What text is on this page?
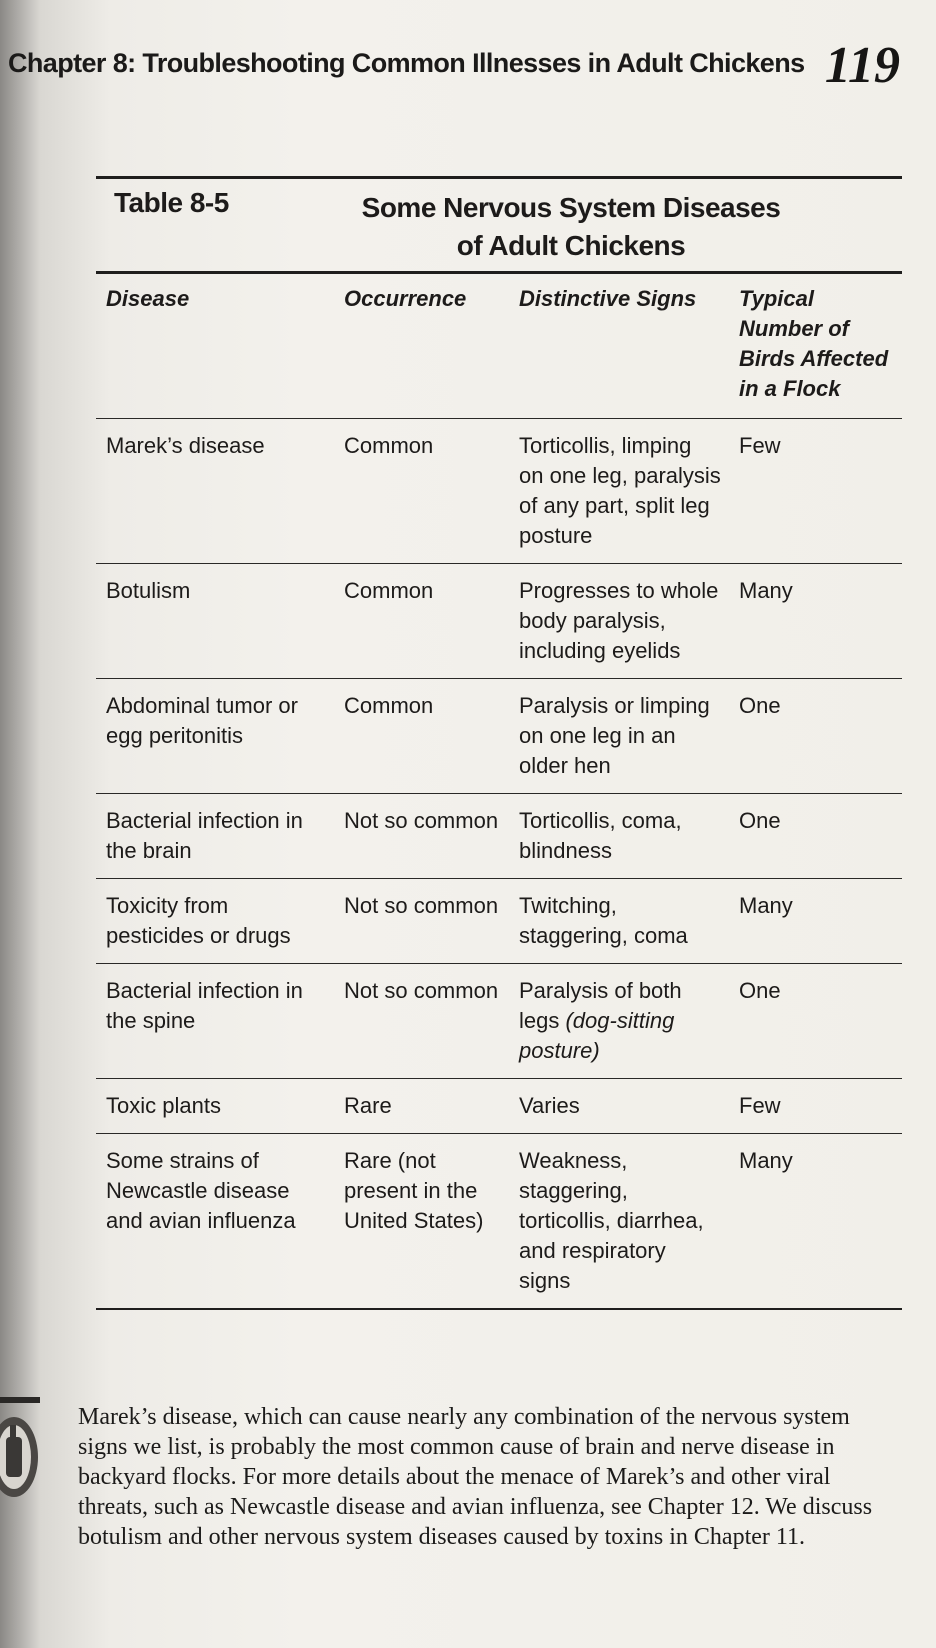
Chapter 8: Troubleshooting Common Illnesses in Adult Chickens 119
Table 8-5	Some Nervous System Diseases of Adult Chickens
Disease	Occurrence	Distinctive Signs	Typical Number of Birds Affected in a Flock
Marek’s disease	Common	Torticollis, limping on one leg, paralysis of any part, split leg posture	Few
Botulism	Common	Progresses to whole body paralysis, including eyelids	Many
Abdominal tumor or egg peritonitis	Common	Paralysis or limping on one leg in an older hen	One
Bacterial infection in the brain	Not so common	Torticollis, coma, blindness	One
Toxicity from pesticides or drugs	Not so common	Twitching, staggering, coma	Many
Bacterial infection in the spine	Not so common	Paralysis of both legs (dog-sitting posture)	One
Toxic plants	Rare	Varies	Few
Some strains of Newcastle disease and avian influenza	Rare (not present in the United States)	Weakness, staggering, torticollis, diarrhea, and respiratory signs	Many
Marek’s disease, which can cause nearly any combination of the nervous system signs we list, is probably the most common cause of brain and nerve disease in backyard flocks. For more details about the menace of Marek’s and other viral threats, such as Newcastle disease and avian influenza, see Chapter 12. We discuss botulism and other nervous system diseases caused by toxins in Chapter 11.
